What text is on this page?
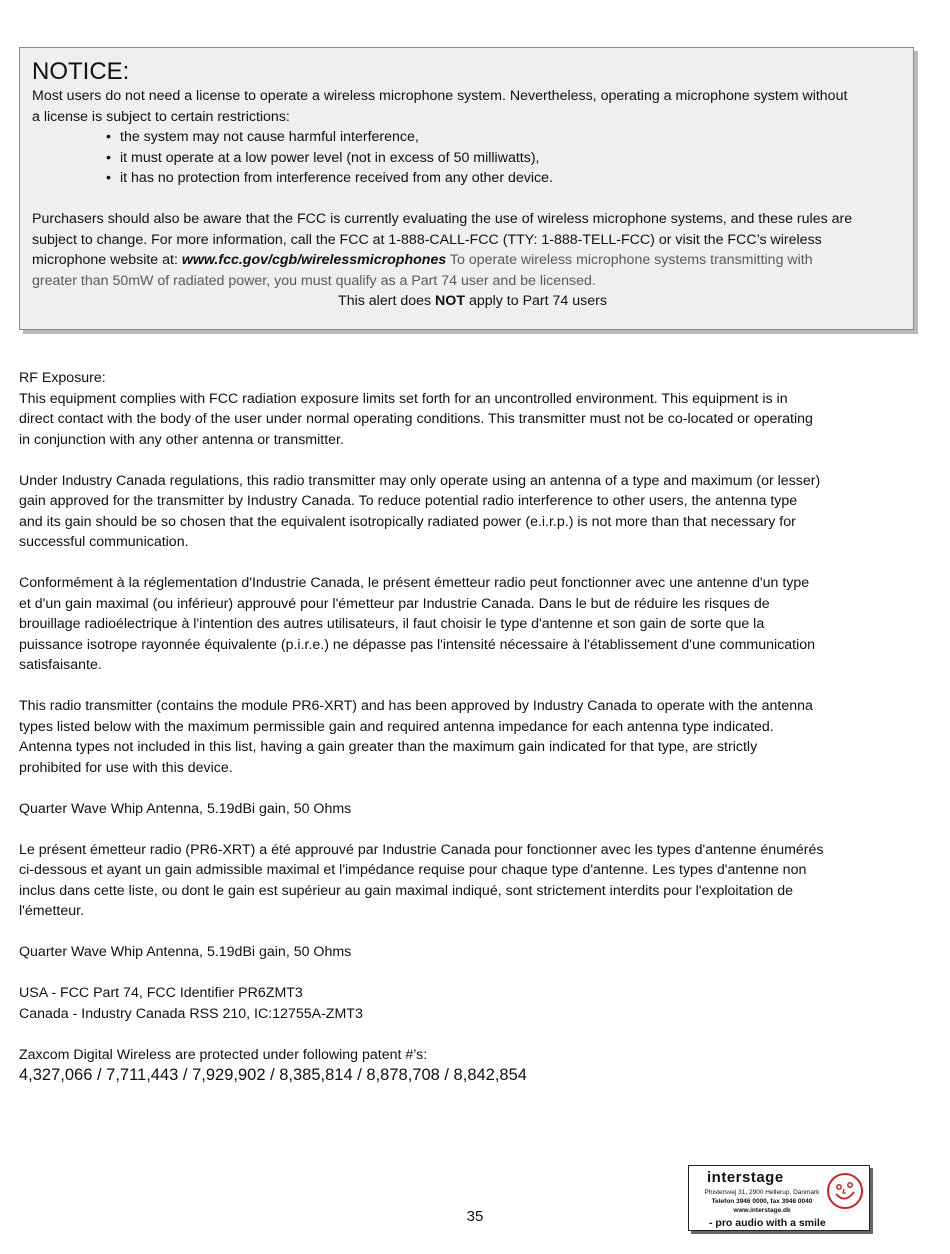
NOTICE:

Most users do not need a license to operate a wireless microphone system. Nevertheless, operating a microphone system without

a license is subject to certain restrictions:

• the system may not cause harmful interference,
• it must operate at a low power level (not in excess of 50 milliwatts),
• it has no protection from interference received from any other device.

Purchasers should also be aware that the FCC is currently evaluating the use of wireless microphone systems, and these rules are

subject to change. For more information, call the FCC at 1-888-CALL-FCC (TTY: 1-888-TELL-FCC) or visit the FCC’s wireless

microphone website at: www.fcc.gov/cgb/wirelessmicrophones To operate wireless microphone systems transmitting with

greater than 50mW of radiated power, you must qualify as a Part 74 user and be licensed.

This alert does NOT apply to Part 74 users

RF Exposure:

This equipment complies with FCC radiation exposure limits set forth for an uncontrolled environment. This equipment is in

direct contact with the body of the user under normal operating conditions. This transmitter must not be co-located or operating

in conjunction with any other antenna or transmitter.

Under Industry Canada regulations, this radio transmitter may only operate using an antenna of a type and maximum (or lesser)

gain approved for the transmitter by Industry Canada. To reduce potential radio interference to other users, the antenna type

and its gain should be so chosen that the equivalent isotropically radiated power (e.i.r.p.) is not more than that necessary for

successful communication.

Conformément à la réglementation d'Industrie Canada, le présent émetteur radio peut fonctionner avec une antenne d'un type

et d'un gain maximal (ou inférieur) approuvé pour l'émetteur par Industrie Canada. Dans le but de réduire les risques de

brouillage radioélectrique à l'intention des autres utilisateurs, il faut choisir le type d'antenne et son gain de sorte que la

puissance isotrope rayonnée équivalente (p.i.r.e.) ne dépasse pas l'intensité nécessaire à l'établissement d'une communication

satisfaisante.

This radio transmitter (contains the module PR6-XRT) and has been approved by Industry Canada to operate with the antenna

types listed below with the maximum permissible gain and required antenna impedance for each antenna type indicated.

Antenna types not included in this list, having a gain greater than the maximum gain indicated for that type, are strictly

prohibited for use with this device.

Quarter Wave Whip Antenna, 5.19dBi gain, 50 Ohms

Le présent émetteur radio (PR6-XRT) a été approuvé par Industrie Canada pour fonctionner avec les types d'antenne énumérés

ci-dessous et ayant un gain admissible maximal et l'impédance requise pour chaque type d'antenne. Les types d'antenne non

inclus dans cette liste, ou dont le gain est supérieur au gain maximal indiqué, sont strictement interdits pour l'exploitation de

l'émetteur.

Quarter Wave Whip Antenna, 5.19dBi gain, 50 Ohms

USA - FCC Part 74, FCC Identifier PR6ZMT3

Canada - Industry Canada RSS 210, IC:12755A-ZMT3

Zaxcom Digital Wireless are protected under following patent #’s:

4,327,066 / 7,711,443 / 7,929,902 / 8,385,814 / 8,878,708 / 8,842,854

35
interstage
Phistersvej 31, 2900 Hellerup, Danmark
Telefon 3946 0000, fax 3946 0040
www.interstage.dk
- pro audio with a smile
